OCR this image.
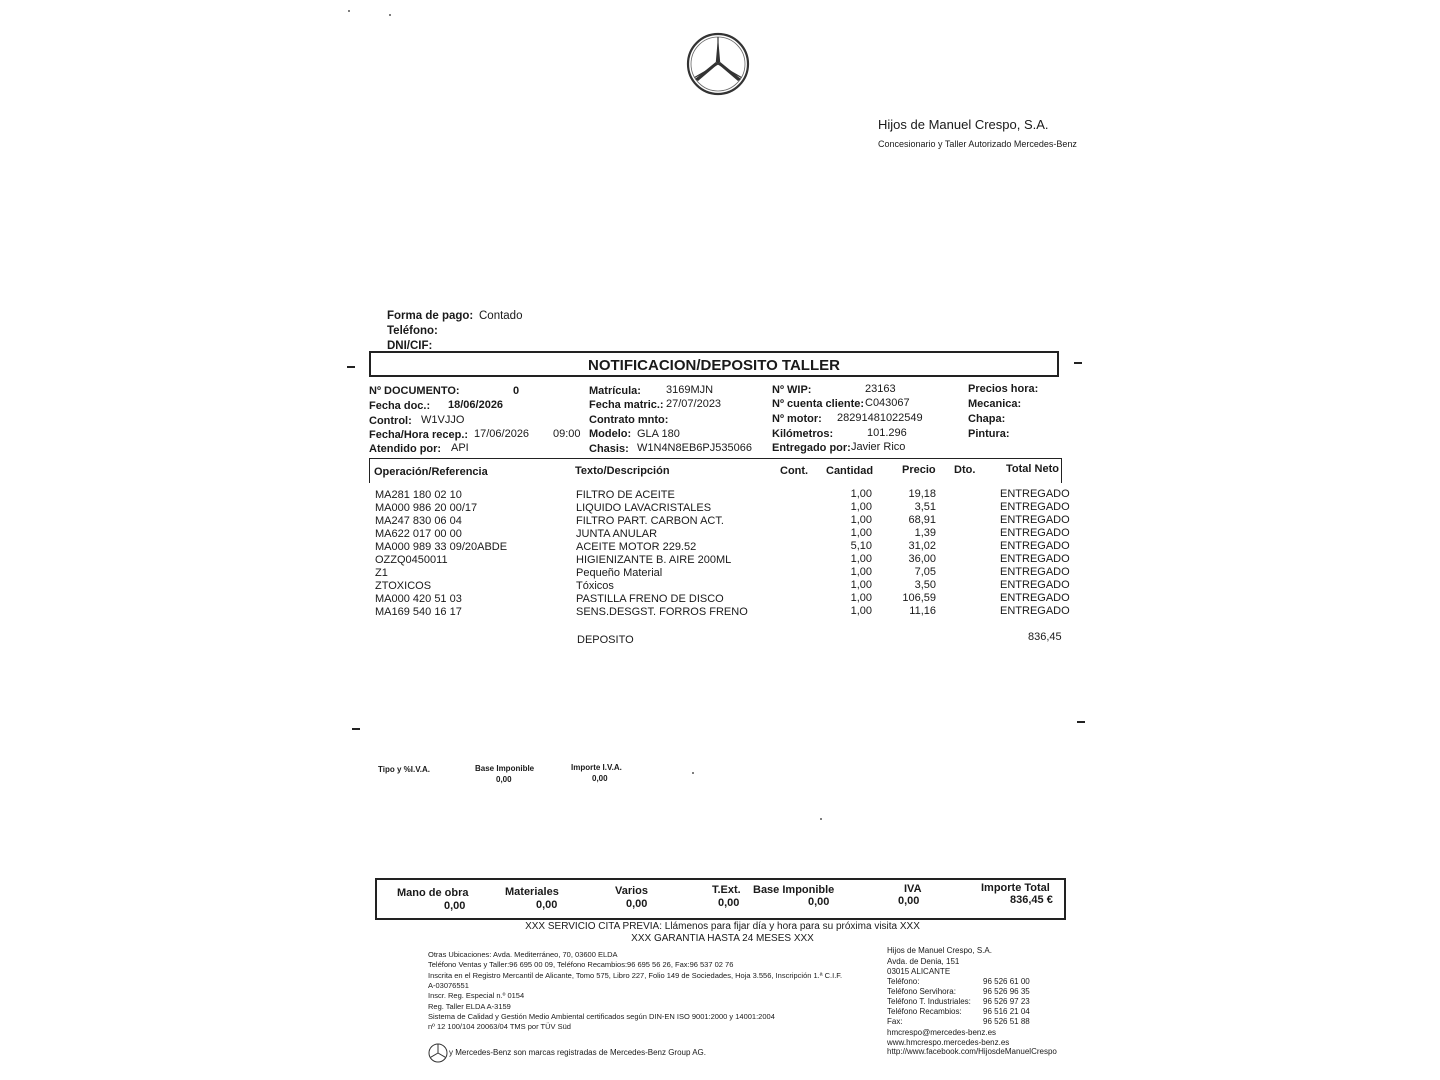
Hijos de Manuel Crespo, S.A.
Concesionario y Taller Autorizado Mercedes-Benz
Forma de pago: Contado
Teléfono:
DNI/CIF:
NOTIFICACION/DEPOSITO TALLER
Nº DOCUMENTO:	0
Fecha doc.: 18/06/2026
Control: W1VJJO
Fecha/Hora recep.: 17/06/2026 09:00
Atendido por: API
Matrícula: 3169MJN
Fecha matric.: 27/07/2023
Contrato mnto:
Modelo: GLA 180
Chasis: W1N4N8EB6PJ535066
Nº WIP:	23163
Nº cuenta cliente: C043067
Nº motor: 28291481022549
Kilómetros:	101.296
Entregado por: Javier Rico
Precios hora:
Mecanica:
Chapa:
Pintura:
Operación/Referencia	Texto/Descripción	Cont. Cantidad	Precio Dto.	Total Neto
MA281 180 02 10	FILTRO DE ACEITE	1,00	19,18	ENTREGADO
MA000 986 20 00/17	LIQUIDO LAVACRISTALES	1,00	3,51	ENTREGADO
MA247 830 06 04	FILTRO PART. CARBON ACT.	1,00	68,91	ENTREGADO
MA622 017 00 00	JUNTA ANULAR	1,00	1,39	ENTREGADO
MA000 989 33 09/20ABDE	ACEITE MOTOR 229.52	5,10	31,02	ENTREGADO
OZZQ0450011	HIGIENIZANTE B. AIRE 200ML	1,00	36,00	ENTREGADO
Z1	Pequeño Material	1,00	7,05	ENTREGADO
ZTOXICOS	Tóxicos	1,00	3,50	ENTREGADO
MA000 420 51 03	PASTILLA FRENO DE DISCO	1,00	106,59	ENTREGADO
MA169 540 16 17	SENS.DESGST. FORROS FRENO	1,00	11,16	ENTREGADO
DEPOSITO	836,45
Tipo y %I.V.A.	Base Imponible
0,00
Importe I.V.A.
0,00
Mano de obra
0,00
Materiales
0,00
Varios
0,00
T.Ext.
0,00
Base Imponible
0,00
IVA
0,00
Importe Total
836,45 €
XXX SERVICIO CITA PREVIA: Llámenos para fijar día y hora para su próxima visita XXX
XXX GARANTIA HASTA 24 MESES XXX
Otras Ubicaciones: Avda. Mediterráneo, 70, 03600 ELDA
Teléfono Ventas y Taller:96 695 00 09, Teléfono Recambios:96 695 56 26, Fax:96 537 02 76
Inscrita en el Registro Mercantil de Alicante, Tomo 575, Libro 227, Folio 149 de Sociedades, Hoja 3.556, Inscripción 1.ª C.I.F.
A-03076551
Inscr. Reg. Especial n.º 0154
Reg. Taller ELDA A-3159
Sistema de Calidad y Gestión Medio Ambiental certificados según DIN-EN ISO 9001:2000 y 14001:2004
nº 12 100/104 20063/04 TMS por TÜV Süd
y Mercedes-Benz son marcas registradas de Mercedes-Benz Group AG.
Hijos de Manuel Crespo, S.A.
Avda. de Denia, 151
03015 ALICANTE
Teléfono:	96 526 61 00
Teléfono Servihora:	96 526 96 35
Teléfono T. Industriales: 96 526 97 23
Teléfono Recambios:	96 516 21 04
Fax:	96 526 51 88
hmcrespo@mercedes-benz.es
www.hmcrespo.mercedes-benz.es
http://www.facebook.com/HijosdeManuelCrespo
